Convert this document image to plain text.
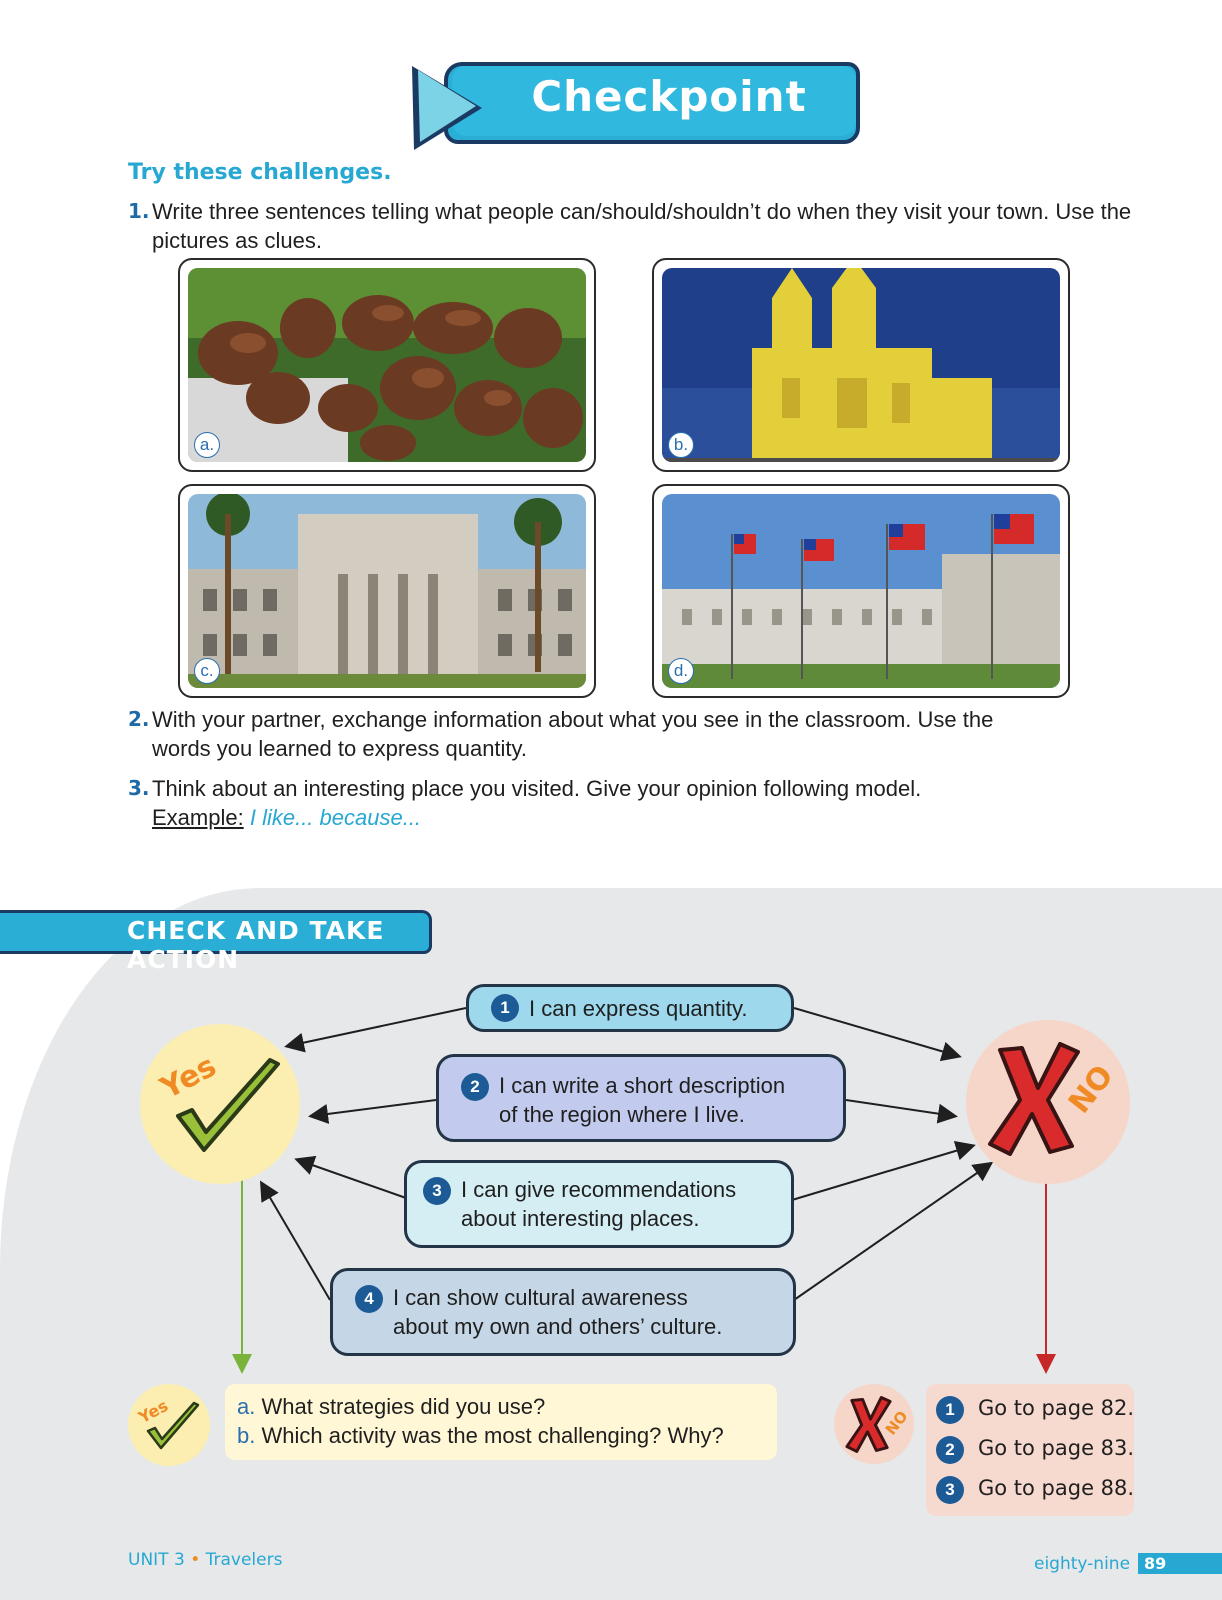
Checkpoint
Try these challenges.
1. Write three sentences telling what people can/should/shouldn’t do when they visit your town. Use the pictures as clues.
a.	b.
c.	d.
2. With your partner, exchange information about what you see in the classroom. Use the words you learned to express quantity.
3. Think about an interesting place you visited. Give your opinion following model.
Example: I like... because...
CHECK AND TAKE ACTION
Yes	NO
1 I can express quantity.
2 I can write a short description
of the region where I live.
3 I can give recommendations
about interesting places.
4 I can show cultural awareness
about my own and others’ culture.
Yes	a. What strategies did you use?
b. Which activity was the most challenging? Why?	NO	1	Go to page 82.
2	Go to page 83.
3	Go to page 88.
UNIT 3 • Travelers	eighty-nine 89
